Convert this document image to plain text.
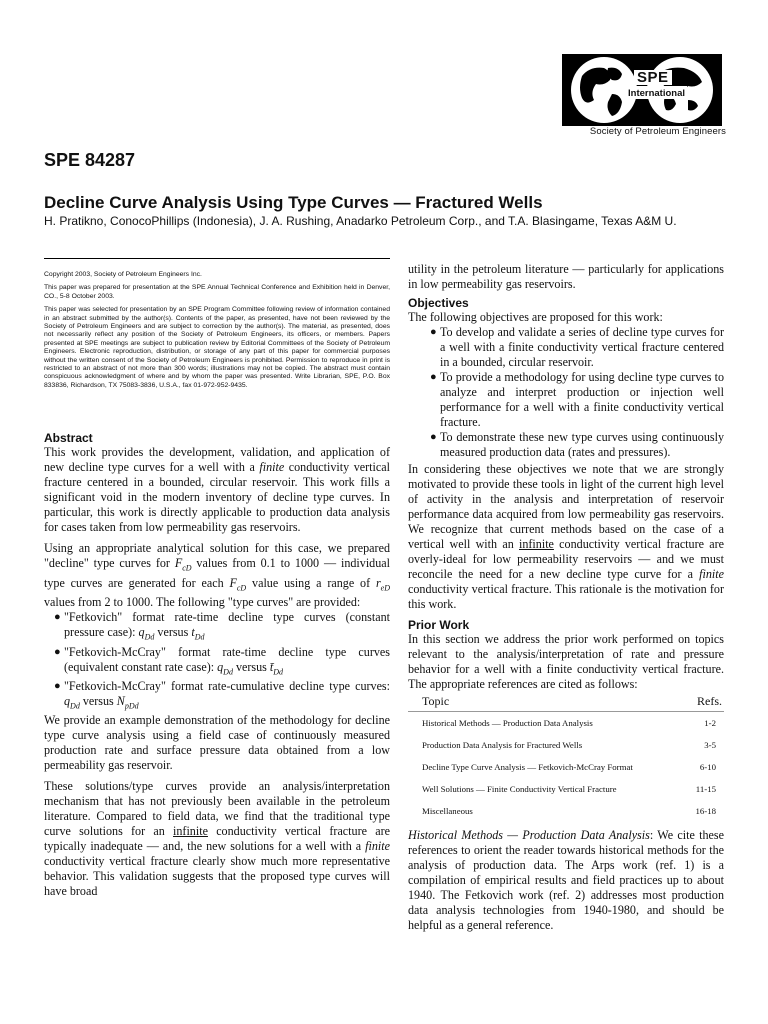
SPE
International
Society of Petroleum Engineers
SPE 84287
Decline Curve Analysis Using Type Curves — Fractured Wells
H. Pratikno, ConocoPhillips (Indonesia), J. A. Rushing, Anadarko Petroleum Corp., and T.A. Blasingame, Texas A&M U.

Copyright 2003, Society of Petroleum Engineers Inc.

This paper was prepared for presentation at the SPE Annual Technical Conference and Exhibition held in Denver, CO., 5-8 October 2003.

This paper was selected for presentation by an SPE Program Committee following review of information contained in an abstract submitted by the author(s). Contents of the paper, as presented, have not been reviewed by the Society of Petroleum Engineers and are subject to correction by the author(s). The material, as presented, does not necessarily reflect any position of the Society of Petroleum Engineers, its officers, or members. Papers presented at SPE meetings are subject to publication review by Editorial Committees of the Society of Petroleum Engineers. Electronic reproduction, distribution, or storage of any part of this paper for commercial purposes without the written consent of the Society of Petroleum Engineers is prohibited. Permission to reproduce in print is restricted to an abstract of not more than 300 words; illustrations may not be copied. The abstract must contain conspicuous acknowledgment of where and by whom the paper was presented. Write Librarian, SPE, P.O. Box 833836, Richardson, TX 75083-3836, U.S.A., fax 01-972-952-9435.

Abstract

This work provides the development, validation, and application of new decline type curves for a well with a finite conductivity vertical fracture centered in a bounded, circular reservoir. This work fills a significant void in the modern inventory of decline type curves. In particular, this work is directly applicable to production data analysis for cases taken from low permeability gas reservoirs.

Using an appropriate analytical solution for this case, we prepared "decline" type curves for $F_{cD}$ values from 0.1 to 1000 — individual type curves are generated for each $F_{cD}$ value using a range of $r_{eD}$ values from 2 to 1000. The following "type curves" are provided:

● "Fetkovich" format rate-time decline type curves (constant pressure case): $q_{Dd}$ versus $t_{Dd}$
● "Fetkovich-McCray" format rate-time decline type curves (equivalent constant rate case): $q_{Dd}$ versus $t̄_{Dd}$
● "Fetkovich-McCray" format rate-cumulative decline type curves: $q_{Dd}$ versus $N_{pDd}$

We provide an example demonstration of the methodology for decline type curve analysis using a field case of continuously measured production rate and surface pressure data obtained from a low permeability gas reservoir.

These solutions/type curves provide an analysis/interpretation mechanism that has not previously been available in the petroleum literature. Compared to field data, we find that the traditional type curve solutions for an infinite conductivity vertical fracture are typically inadequate — and, the new solutions for a well with a finite conductivity vertical fracture clearly show much more representative behavior. This validation suggests that the proposed type curves will have broad

utility in the petroleum literature — particularly for applications in low permeability gas reservoirs.

Objectives

The following objectives are proposed for this work:

● To develop and validate a series of decline type curves for a well with a finite conductivity vertical fracture centered in a bounded, circular reservoir.
● To provide a methodology for using decline type curves to analyze and interpret production or injection well performance for a well with a finite conductivity vertical fracture.
● To demonstrate these new type curves using continuously measured production data (rates and pressures).

In considering these objectives we note that we are strongly motivated to provide these tools in light of the current high level of activity in the analysis and interpretation of reservoir performance data acquired from low permeability gas reservoirs. We recognize that current methods based on the case of a vertical well with an infinite conductivity vertical fracture are overly-ideal for low permeability reservoirs — and we must reconcile the need for a new decline type curve for a finite conductivity vertical fracture. This rationale is the motivation for this work.

Prior Work

In this section we address the prior work performed on topics relevant to the analysis/interpretation of rate and pressure behavior for a well with a finite conductivity vertical fracture. The appropriate references are cited as follows:

Topic	Refs.
Historical Methods — Production Data Analysis	1-2
Production Data Analysis for Fractured Wells	3-5
Decline Type Curve Analysis — Fetkovich-McCray Format	6-10
Well Solutions — Finite Conductivity Vertical Fracture	11-15
Miscellaneous	16-18

Historical Methods — Production Data Analysis: We cite these references to orient the reader towards historical methods for the analysis of production data. The Arps work (ref. 1) is a compilation of empirical results and field practices up to about 1940. The Fetkovich work (ref. 2) addresses most production data analysis technologies from 1940-1980, and should be helpful as a general reference.
